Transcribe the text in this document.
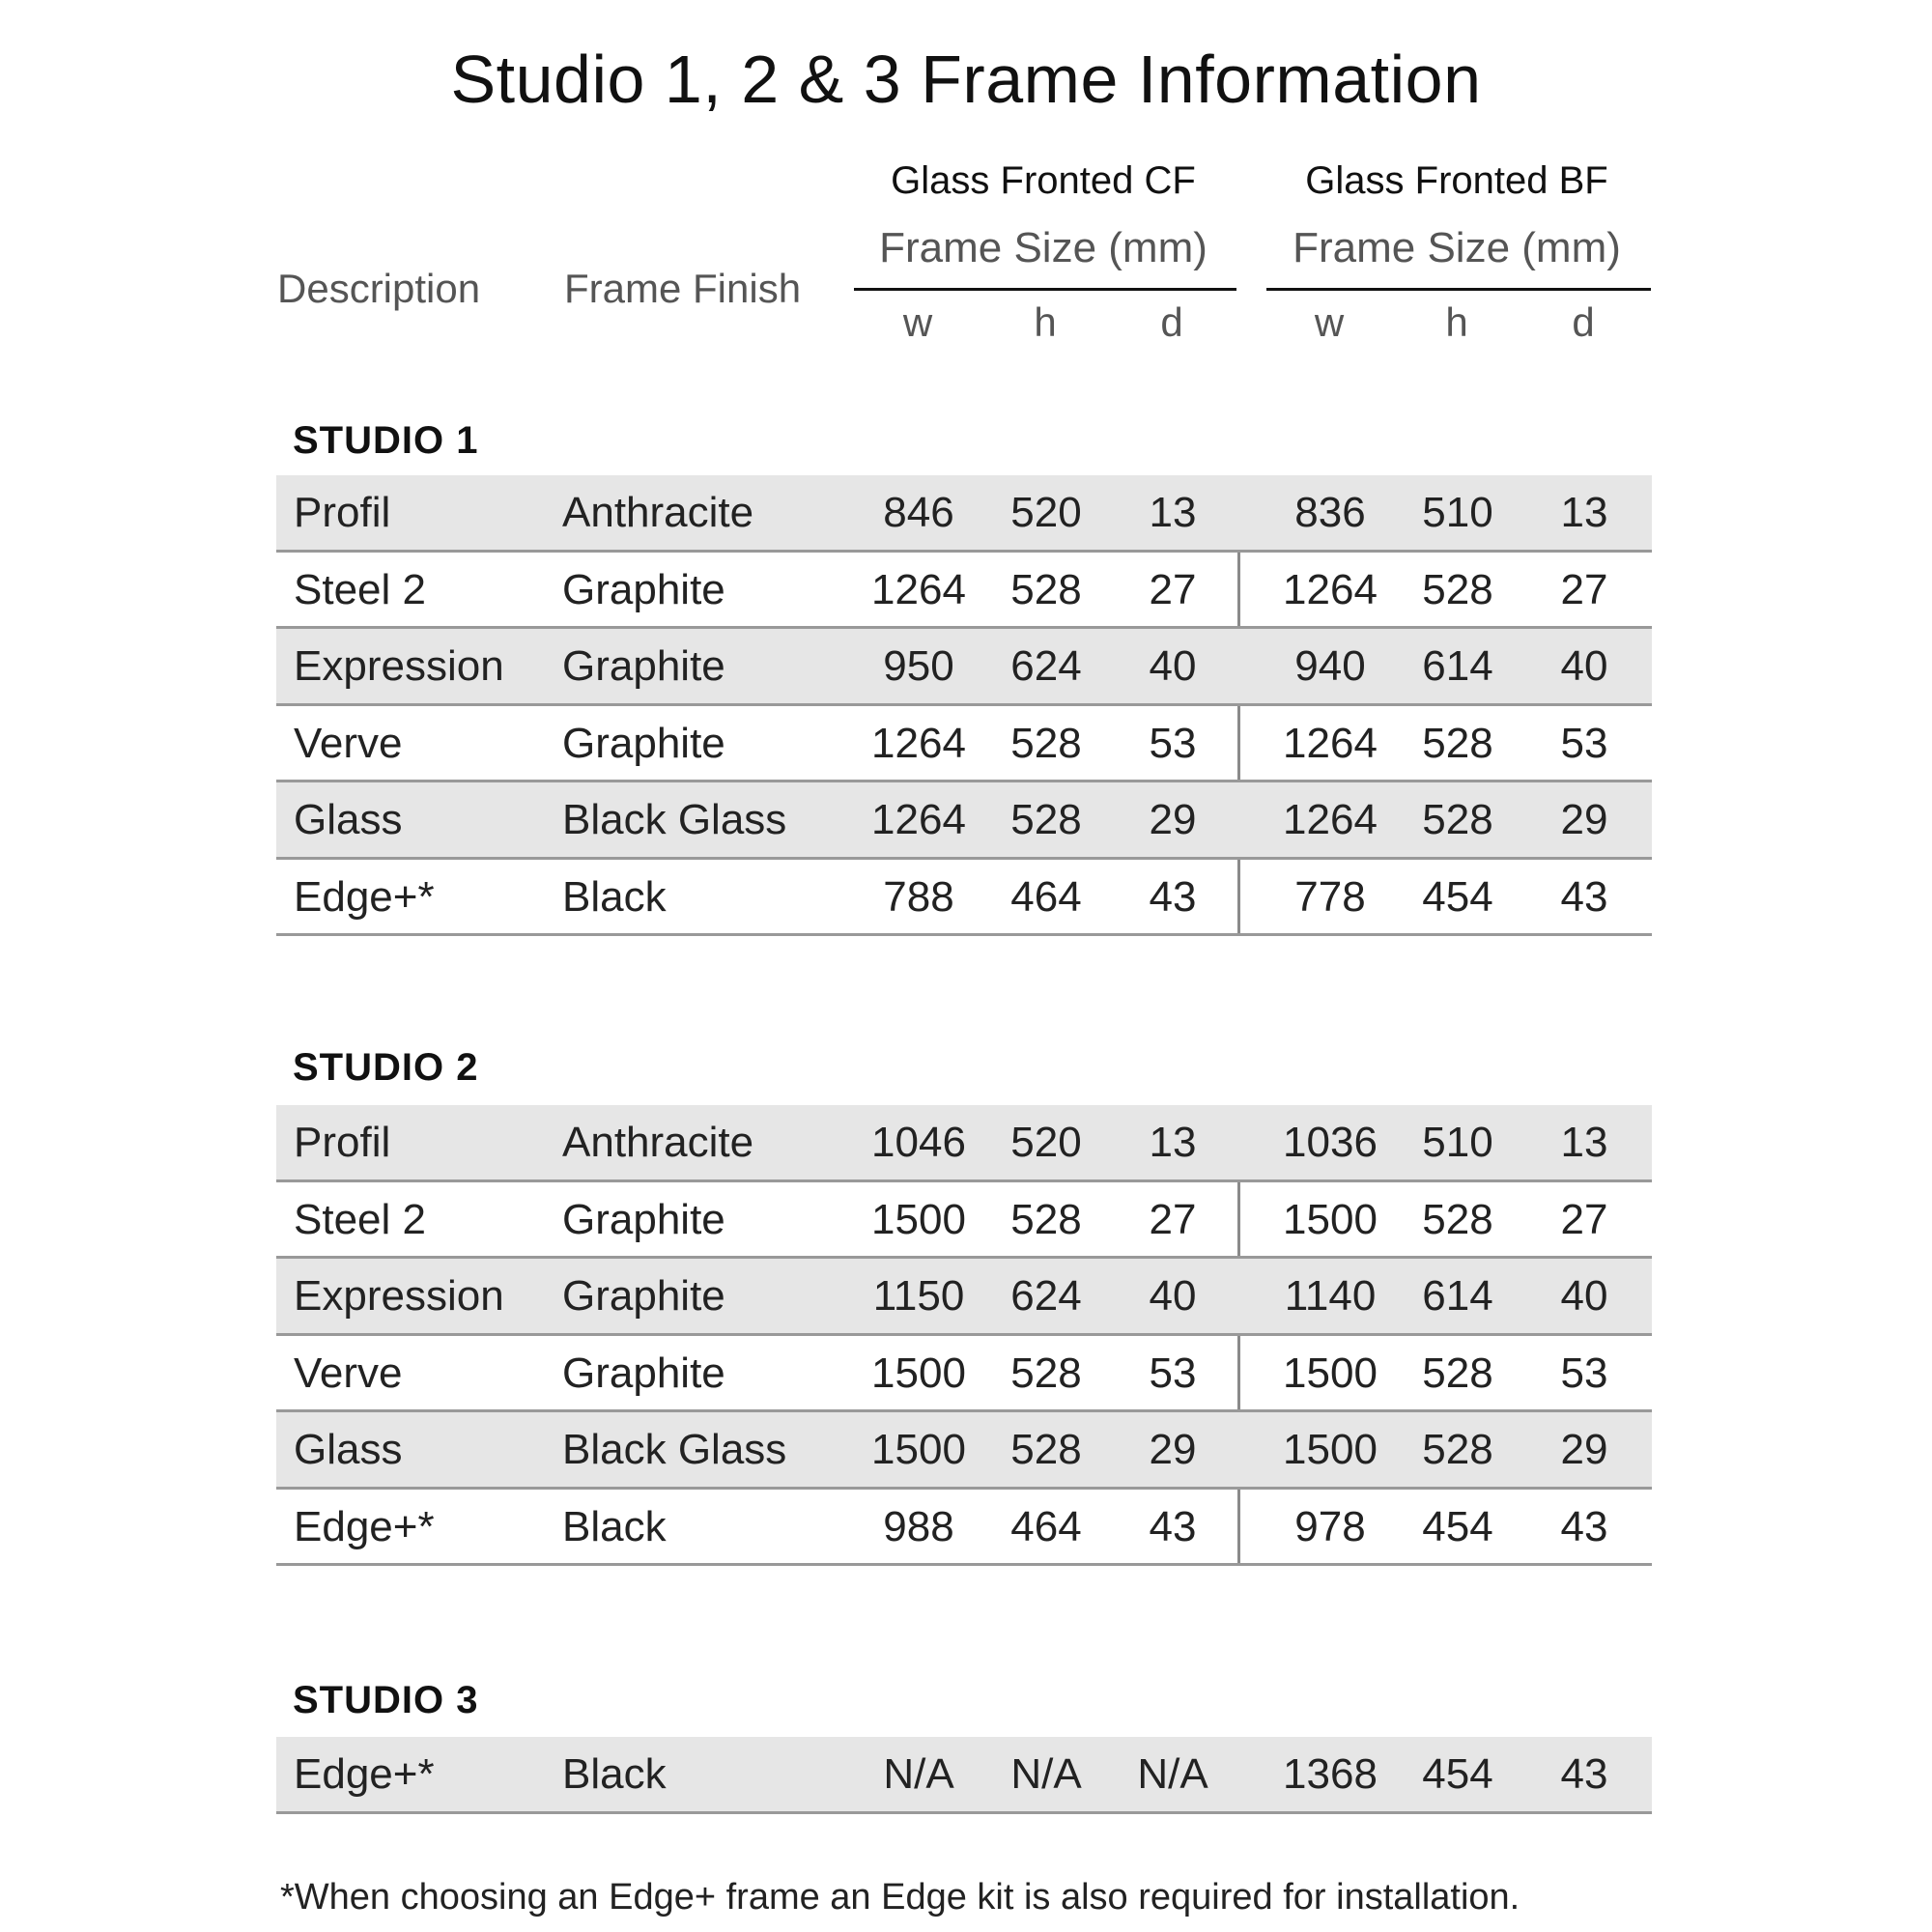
Studio 1, 2 & 3 Frame Information
Description Frame Finish
Glass Fronted CF
Frame Size (mm)
w	h	d
Glass Fronted BF
Frame Size (mm)
w	h	d
STUDIO 1
Profil	Anthracite	846	520	13	836	510	13
Steel 2	Graphite	1264	528	27	1264	528	27
Expression Graphite	950	624	40	940	614	40
Verve	Graphite	1264	528	53	1264	528	53
Glass	Black Glass	1264	528	29	1264	528	29
Edge+*	Black	788	464	43	778	454	43
STUDIO 2
Profil	Anthracite	1046	520	13	1036	510	13
Steel 2	Graphite	1500	528	27	1500	528	27
Expression Graphite	1150	624	40	1140	614	40
Verve	Graphite	1500	528	53	1500	528	53
Glass	Black Glass	1500	528	29	1500	528	29
Edge+*	Black	988	464	43	978	454	43
STUDIO 3
Edge+*	Black	N/A	N/A	N/A	1368	454	43
*When choosing an Edge+ frame an Edge kit is also required for installation.
